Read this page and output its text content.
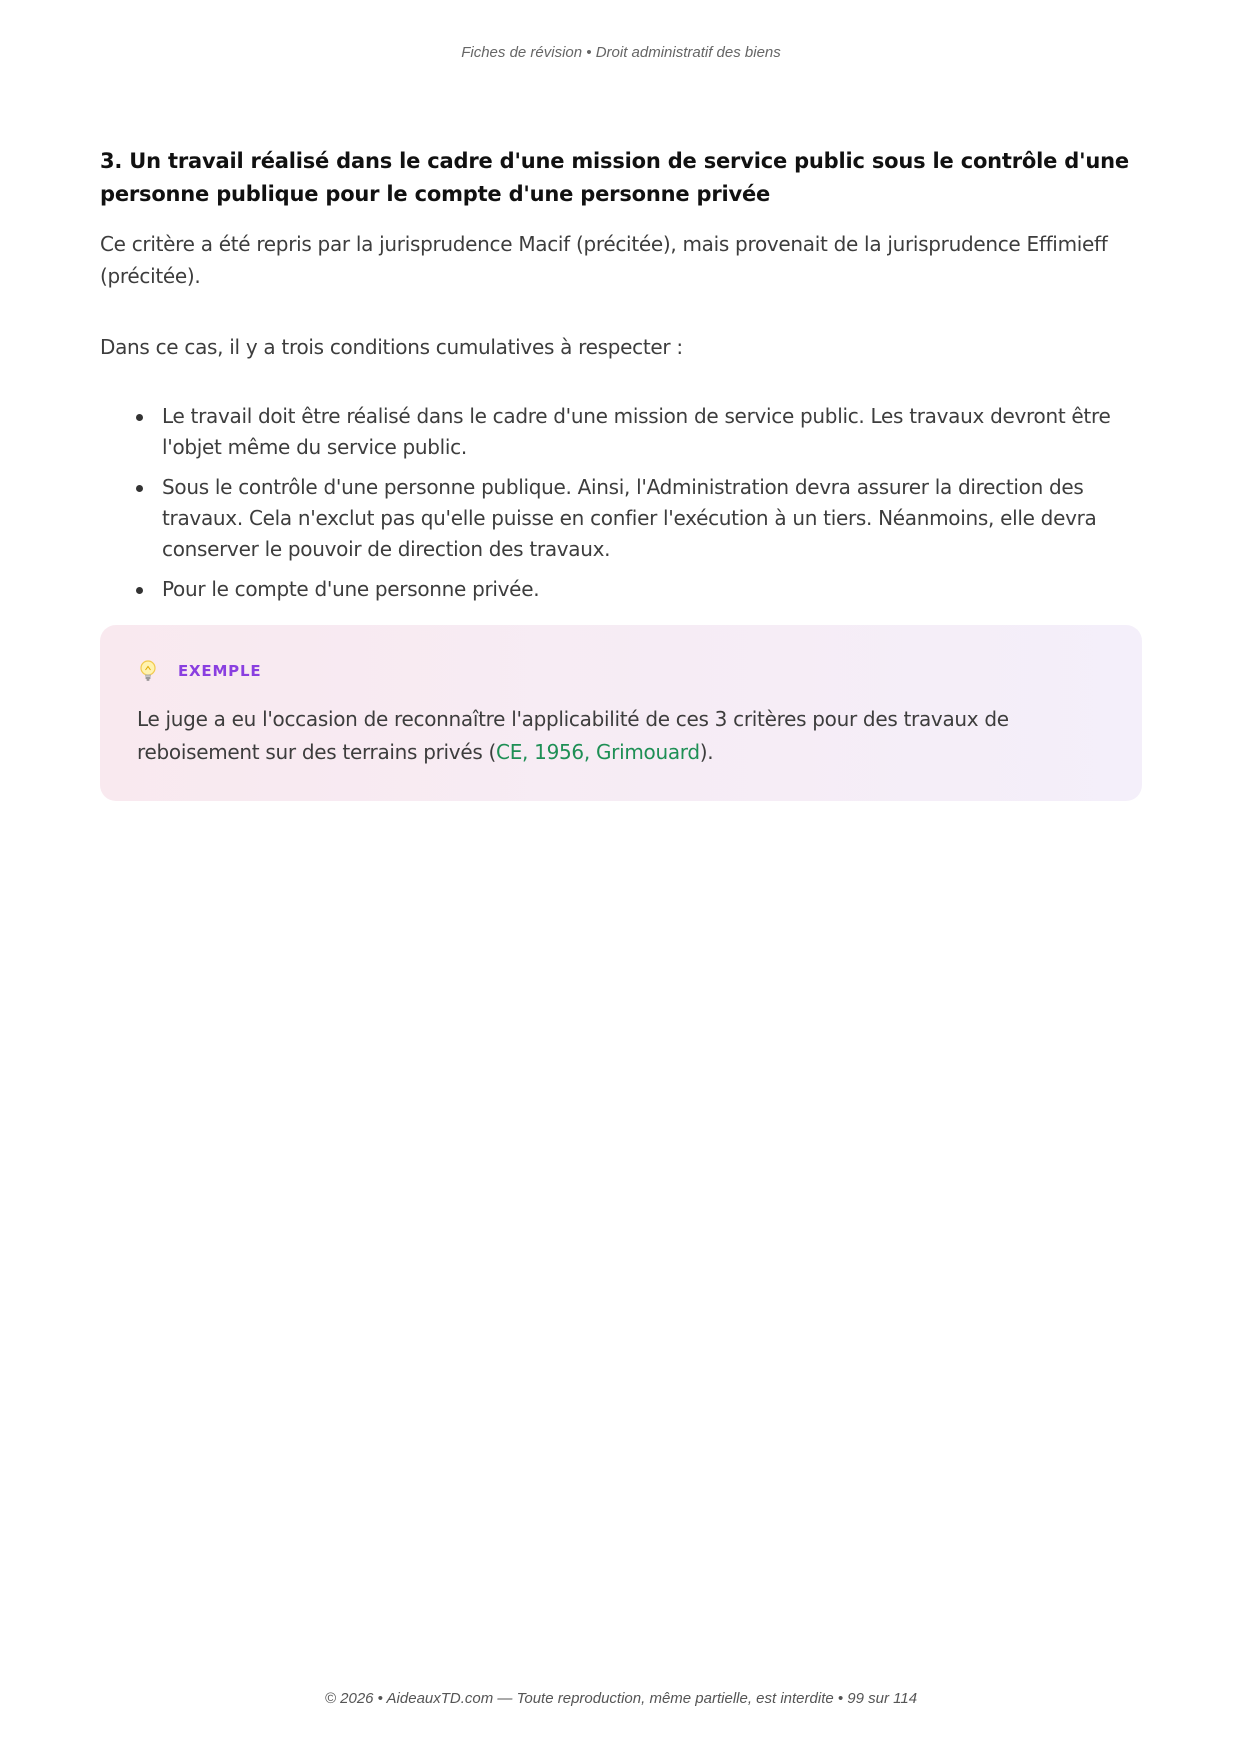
Fiches de révision • Droit administratif des biens
3. Un travail réalisé dans le cadre d'une mission de service public sous le contrôle d'une personne publique pour le compte d'une personne privée

Ce critère a été repris par la jurisprudence Macif (précitée), mais provenait de la jurisprudence Effimieff (précitée).

Dans ce cas, il y a trois conditions cumulatives à respecter :

Le travail doit être réalisé dans le cadre d'une mission de service public. Les travaux devront être l'objet même du service public.
Sous le contrôle d'une personne publique. Ainsi, l'Administration devra assurer la direction des travaux. Cela n'exclut pas qu'elle puisse en confier l'exécution à un tiers. Néanmoins, elle devra conserver le pouvoir de direction des travaux.
Pour le compte d'une personne privée.
EXEMPLE

Le juge a eu l'occasion de reconnaître l'applicabilité de ces 3 critères pour des travaux de reboisement sur des terrains privés (CE, 1956, Grimouard).

© 2026 • AideauxTD.com — Toute reproduction, même partielle, est interdite • 99 sur 114
